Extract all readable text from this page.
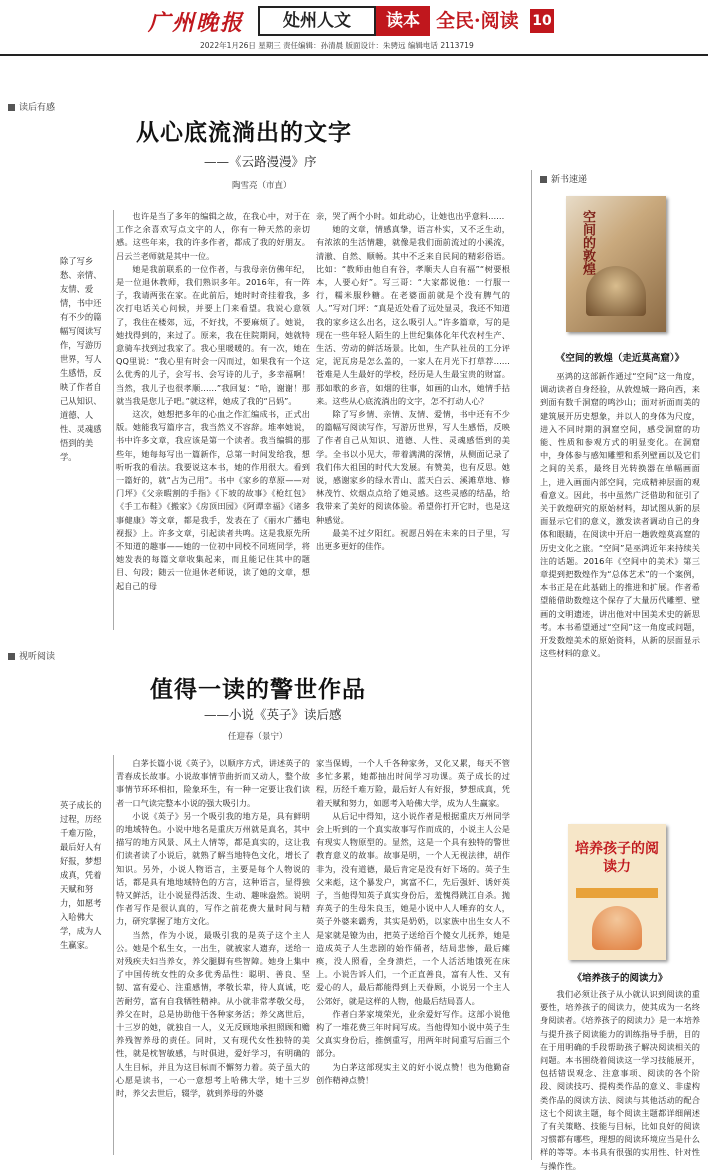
广州晚报	处州人文	读本 全民·阅读 10
2022年1月26日 星期三 责任编辑：孙清晨 版面设计：朱骋远 编辑电话 2113719
读后有感
从心底流淌出的文字
——《云路漫漫》序
陶雪亮（市直）
除了写乡愁、亲情、友情、爱情，书中还有不少的篇幅写阅读写作，写游历世界，写人生感悟，反映了作者自己从知识、道德、人性、灵魂感悟到的美学。

也许是当了多年的编辑之故，在我心中，对于在工作之余喜欢写点文字的人，你有一种天然的亲切感。这些年来，我的许多作者，都成了我的好朋友。吕云兰老师就是其中一位。

她是我前联系的一位作者，与我母亲仿佛年纪，是一位退休教师，我们熟识多年。2016年，有一阵子，我请两张在家。在此前后，她时时奇挂着我，多次打电话关心问候，并要上门来看望。我说心意领了，我住在楼郊，远，不好找，不要麻烦了。她说，她找得到的，来过了。原来，我在住院期间，她就特意骑车找到过我家了。我心里暖暖的。有一次，她在QQ里说：“我心里有时会一闪而过，如果我有一个这么优秀的儿子，会写书、会写诗的儿子，多幸福啊！当然，我儿子也很孝顺……”我回复：“哈，谢谢！那就当我是您儿子吧。”就这样，她成了我的“吕妈”。

这次，她想把多年的心血之作汇编成书，正式出版。她能我写篇序言，我当然义不容辞。堆率她说，书中许多文章，我应该是第一个读者。我当编辑的那些年，她每每写出一篇新作，总第一时间发给我，想听听我的看法。我要说这本书，她的作用很大。看到一篇好的，就“占为己用”。书中《家乡的草原——对门坪》《父亲暇割的手指》《下坡的故事》《枪红包》《手工布鞋》《搬家》《房顶田园》《阿谭幸福》《诸多事健康》等文章，都是我手，发表在了《丽水广播电视报》上。许多文章，引起读者共鸣。这是我原先所不知道的趣事——她的一位初中同校不同班同学，将她发表的每篇文章收集起来，而且能记住其中的题目、句段；随云一位退休老师说，读了她的文章，想起自己的母

亲，哭了两个小时。如此动心，让她也出乎意料……

她的文章，情感真挚，语言朴实，又不乏生动，有浓浓的生活情趣，就像是我们面前流过的小溪流，清澈、自然、顺畅。其中不乏来自民间的精彩俗语。比如：“教师由他自有谷，孝顺夫人自有福”“树要根本，人要心好”。写三哥：“大家都说他：一行服一行，糯米服秒糖。在老婆面前就是个没有脾气的人。”写对门坪：“真是近处看了远处显灵，我还不知道我的家乡这么出名，这么吸引人。”许多篇章，写的是现在一些年轻人陌生的上世纪集体化年代农村生产、生活、劳动的鲜活场景。比如，生产队社员的工分评定，泥瓦房是怎么盖的，一家人在月光下打草荐……苍难是人生最好的学校，经历是人生最宝贵的财富。那如歌的乡音，如烟的往事，如画的山水，她情手拈来。这些从心底流淌出的文字，怎不打动人心？

除了写乡情、亲情、友情、爱情，书中还有不少的篇幅写阅读写作，写游历世界，写人生感悟，反映了作者自己从知识、道德、人性、灵魂感悟到的美学。全书以小见大，带着满满的深情，从侧面记录了我们伟大祖国的时代大发展。有赞美，也有反思。她说，感谢家乡的绿水青山、蓝天白云、溪滩草地、修林茂竹、炊烟点点给了她灵感。这些灵感的结晶，给我带来了美好的阅读体验。希望你打开它时，也是这种感觉。

最美不过夕阳红。祝愿吕妈在未来的日子里，写出更多更好的佳作。

视听阅读
值得一读的警世作品
——小说《英子》读后感
任迎春（景宁）
英子成长的过程，历经千难万险，最后好人有好报，梦想成真，凭着天赋和努力，如愿考入哈佛大学，成为人生赢家。

白茅长篇小说《英子》，以顺序方式，讲述英子的青春成长故事。小说故事情节曲折而又动人，整个故事情节环环相扣，险象环生，有一种一定要让我们读者一口气读完整本小说的强大吸引力。

小说《英子》另一个吸引我的地方是，具有鲜明的地域特色。小说中地名是重庆万州就是真名，其中描写的地方风景、风土人情等，都是真实的，这让我们读者读了小说后，就熟了解当地特色文化，增长了知识。另外，小说人物语言，主要是每个人物说的话，都是具有地地域特色的方言，这种语言，显得独特又鲜活，让小说显得活泼、生动、趣味盎然。说明作者写作是很认真的，写作之前花费大量时间与精力，研究掌握了地方文化。

当然，作为小说，最吸引我的是英子这个主人公。她是个私生女，一出生，就被家人遗弃，送给一对残疾夫妇当养女，养父腿脚有些智障。她身上集中了中国传统女性的众多优秀品性：聪明、善良、坚韧、富有爱心、注重感情，孝敬长辈，待人真诚，吃苦耐劳，富有自我牺牲精神。从小就非常孝敬父母，养父在时，总是协助他干各种家务活；养父离世后，十三岁的她，就独自一人，义无反顾地承担照顾和赡养残智养母的责任。同时，又有现代女性独特的美性，就是枕智敏感，与时俱进，爱好学习，有明确的人生目标，并且为这目标而不懈努力着。英子虽大的心愿是读书，一心一意想考上哈佛大学，她十三岁时，养父去世后，辍学，就到养母的外婆

家当保姆，一个人千各种家务，又化又累，每天不管多忙多累，她都抽出时间学习功课。英子成长的过程，历经千难万险，最后好人有好报，梦想成真，凭着天赋和努力，如愿考入哈佛大学，成为人生赢家。

从后记中得知，这小说作者是根据重庆万州同学会上听到的一个真实故事写作而成的，小说主人公是有现实人物原型的。显然，这是一个具有独特的警世教育意义的故事。故事是明，一个人无视法律，胡作非为，没有道德，最后肯定是没有好下场的。英子生父来彪，这个暴发户，寓富不仁，先后强奸、诱奸英子，当他得知英子真实身份后，羞愧得跳江自杀。抛弃英子的生母朱良玉，她是小说中人人唾弃的女人，英子外婆来霸秀，其实是奶奶，以家族中出生女人不是家就是镣为由，把英子送给百个傻女儿抚养，她是造成英子人生悲剧的始作俑者，结局悲惨，最后瘫痪，没人照看，全身溃烂，一个人活活地饿死在床上。小说告诉人们，一个正直善良，富有人性、又有爱心的人，最后都能得到上天眷顾，小说另一个主人公郊好，就是这样的人物，他最后结局喜人。

作者白茅家境荣光，业余爱好写作。这部小说他构了一堆花费三年时间写成。当他得知小说中英子生父真实身份后，推倒重写，用两年时间重写后面三个部分。

为白茅这部现实主义的好小说点赞！也为他勤奋创作精神点赞！

新书速递
空间的敦煌
《空间的敦煌（走近莫高窟）》

巫鸿的这部新作通过“空间”这一角度，调动读者自身经验，从敦煌城一路向西，来到面有数千洞窟的鸣沙山；面对祈面而美的建筑展开历史想象，并以人的身体为尺度，进入不同时期的洞窟空间，感受洞窟的功能、性质和参观方式的明显变化。在洞窟中，身体参与感知雕塑和系列壁画以及它们之间的关系，最终目光转换器在单幅画面上，进入画面内部空间，完成精神层面的观看意义。因此，书中虽然广泛借助和征引了关于敦煌研究的原始材料，却试图从新的层面显示它们的意义，激发读者调动自己的身体和眼睛，在阅读中开启一趟敦煌莫高窟的历史文化之旅。“空间”是巫鸿近年来持续关注的话题。2016年《空间中的美术》第三章提到把数煌作为“总体艺术”的一个案例，本书正是在此基础上的推进和扩展。作者希望能借助数煌这个保存了大量历代雕塑、壁画的文明遗迹，讲出他对中国美术史的新思考。本书希望通过“空间”这一角度或问题，开发数煌美术的原始资料，从新的层面显示这些材料的意义。

培养孩子的阅读力
《培养孩子的阅读力》

我们必须让孩子从小就认识到阅读的重要性，培养孩子的阅读力，使其成为一名终身阅读者。《培养孩子的阅读力》是一本培养与提升孩子阅读能力的训练指导手册，目的在于用明确的手段帮助孩子解决阅读相关的问题。本书围绕着阅读这一学习技能展开，包括错误观念、注意事项、阅读的各个阶段、阅读技巧、提构类作品的意义、非虚构类作品的阅读方法、阅读与其他活动的配合这七个阅读主题，每个阅读主题都详细阐述了有关策略、技能与目标，比如良好的阅读习惯都有哪些，理想的阅读环境应当是什么样的等等。本书具有很强的实用性、针对性与操作性。
